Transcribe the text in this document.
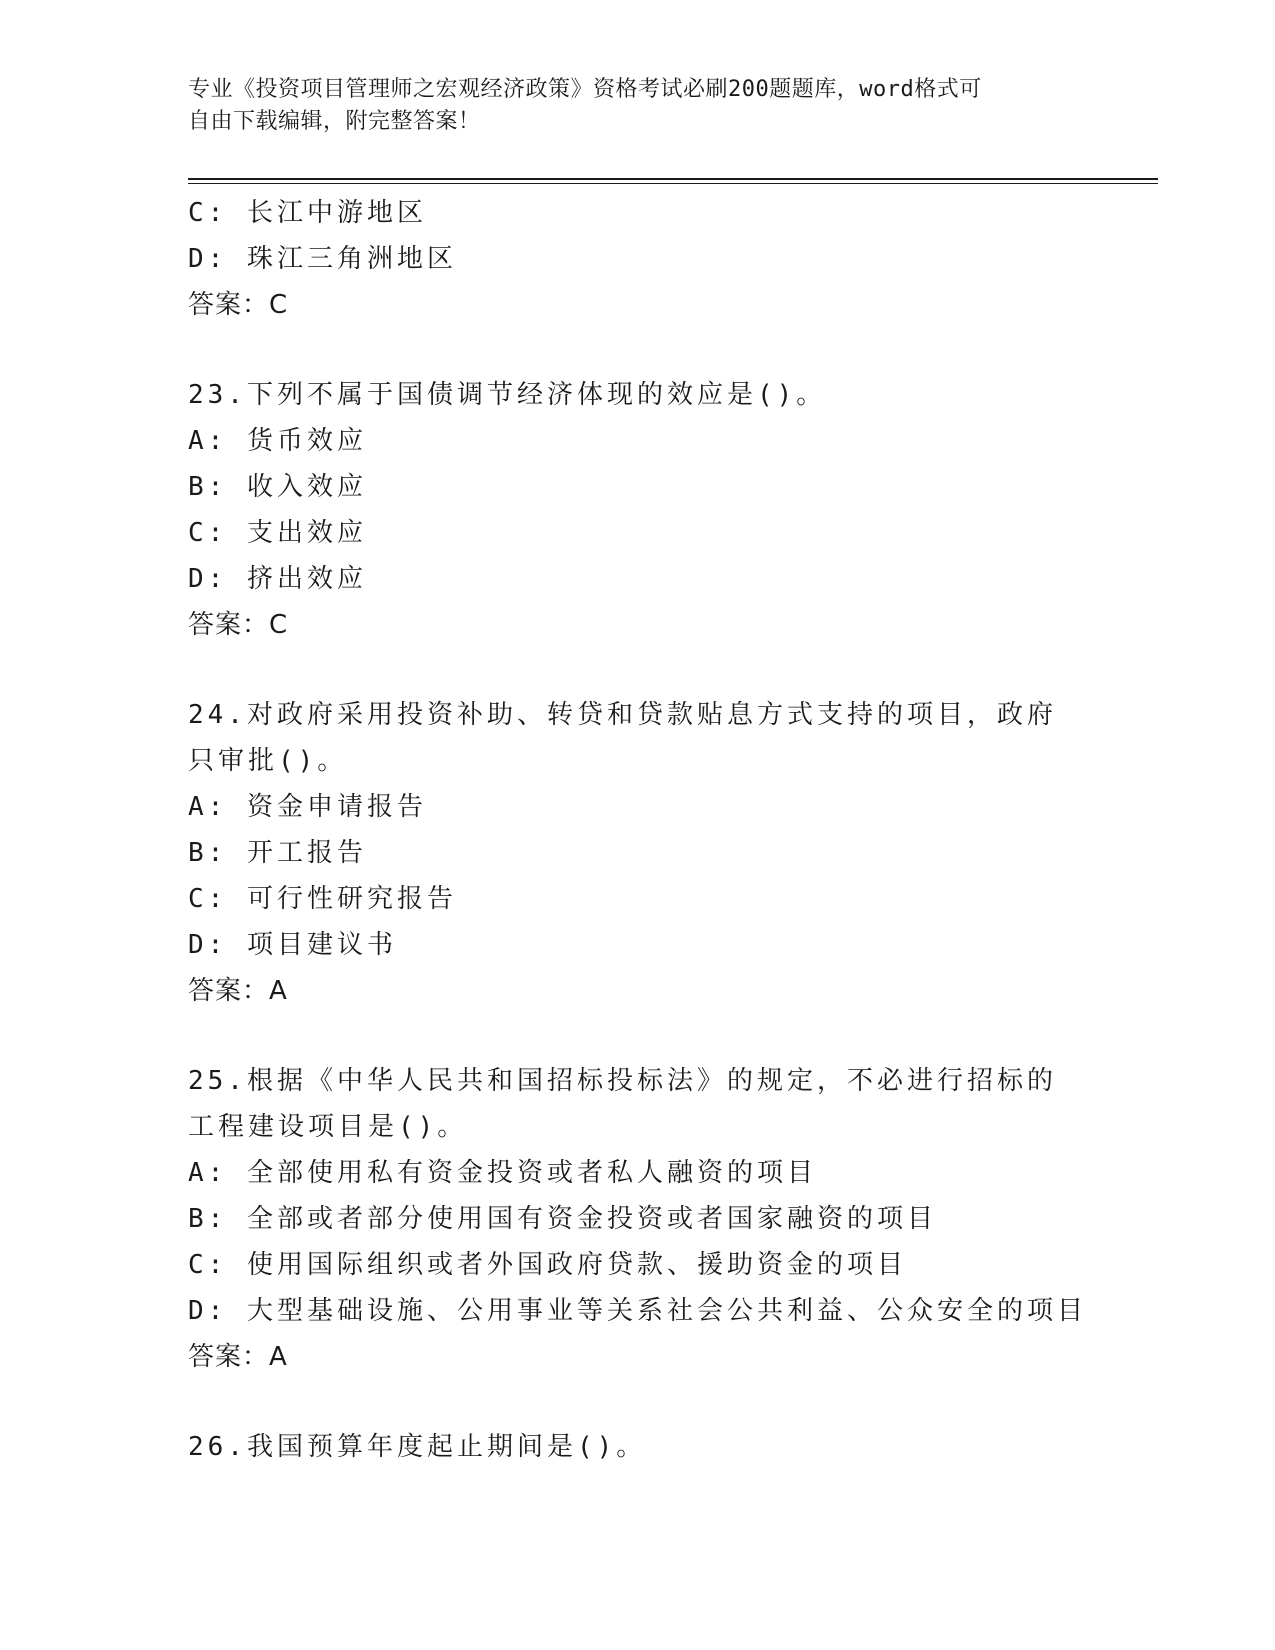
专业《投资项目管理师之宏观经济政策》资格考试必刷200题题库，word格式可
自由下载编辑，附完整答案！
C: 长江中游地区
D: 珠江三角洲地区
答案：C
23.下列不属于国债调节经济体现的效应是()。
A: 货币效应
B: 收入效应
C: 支出效应
D: 挤出效应
答案：C
24.对政府采用投资补助、转贷和贷款贴息方式支持的项目，政府只审批()。
A: 资金申请报告
B: 开工报告
C: 可行性研究报告
D: 项目建议书
答案：A
25.根据《中华人民共和国招标投标法》的规定，不必进行招标的工程建设项目是()。
A: 全部使用私有资金投资或者私人融资的项目
B: 全部或者部分使用国有资金投资或者国家融资的项目
C: 使用国际组织或者外国政府贷款、援助资金的项目
D: 大型基础设施、公用事业等关系社会公共利益、公众安全的项目
答案：A
26.我国预算年度起止期间是()。
